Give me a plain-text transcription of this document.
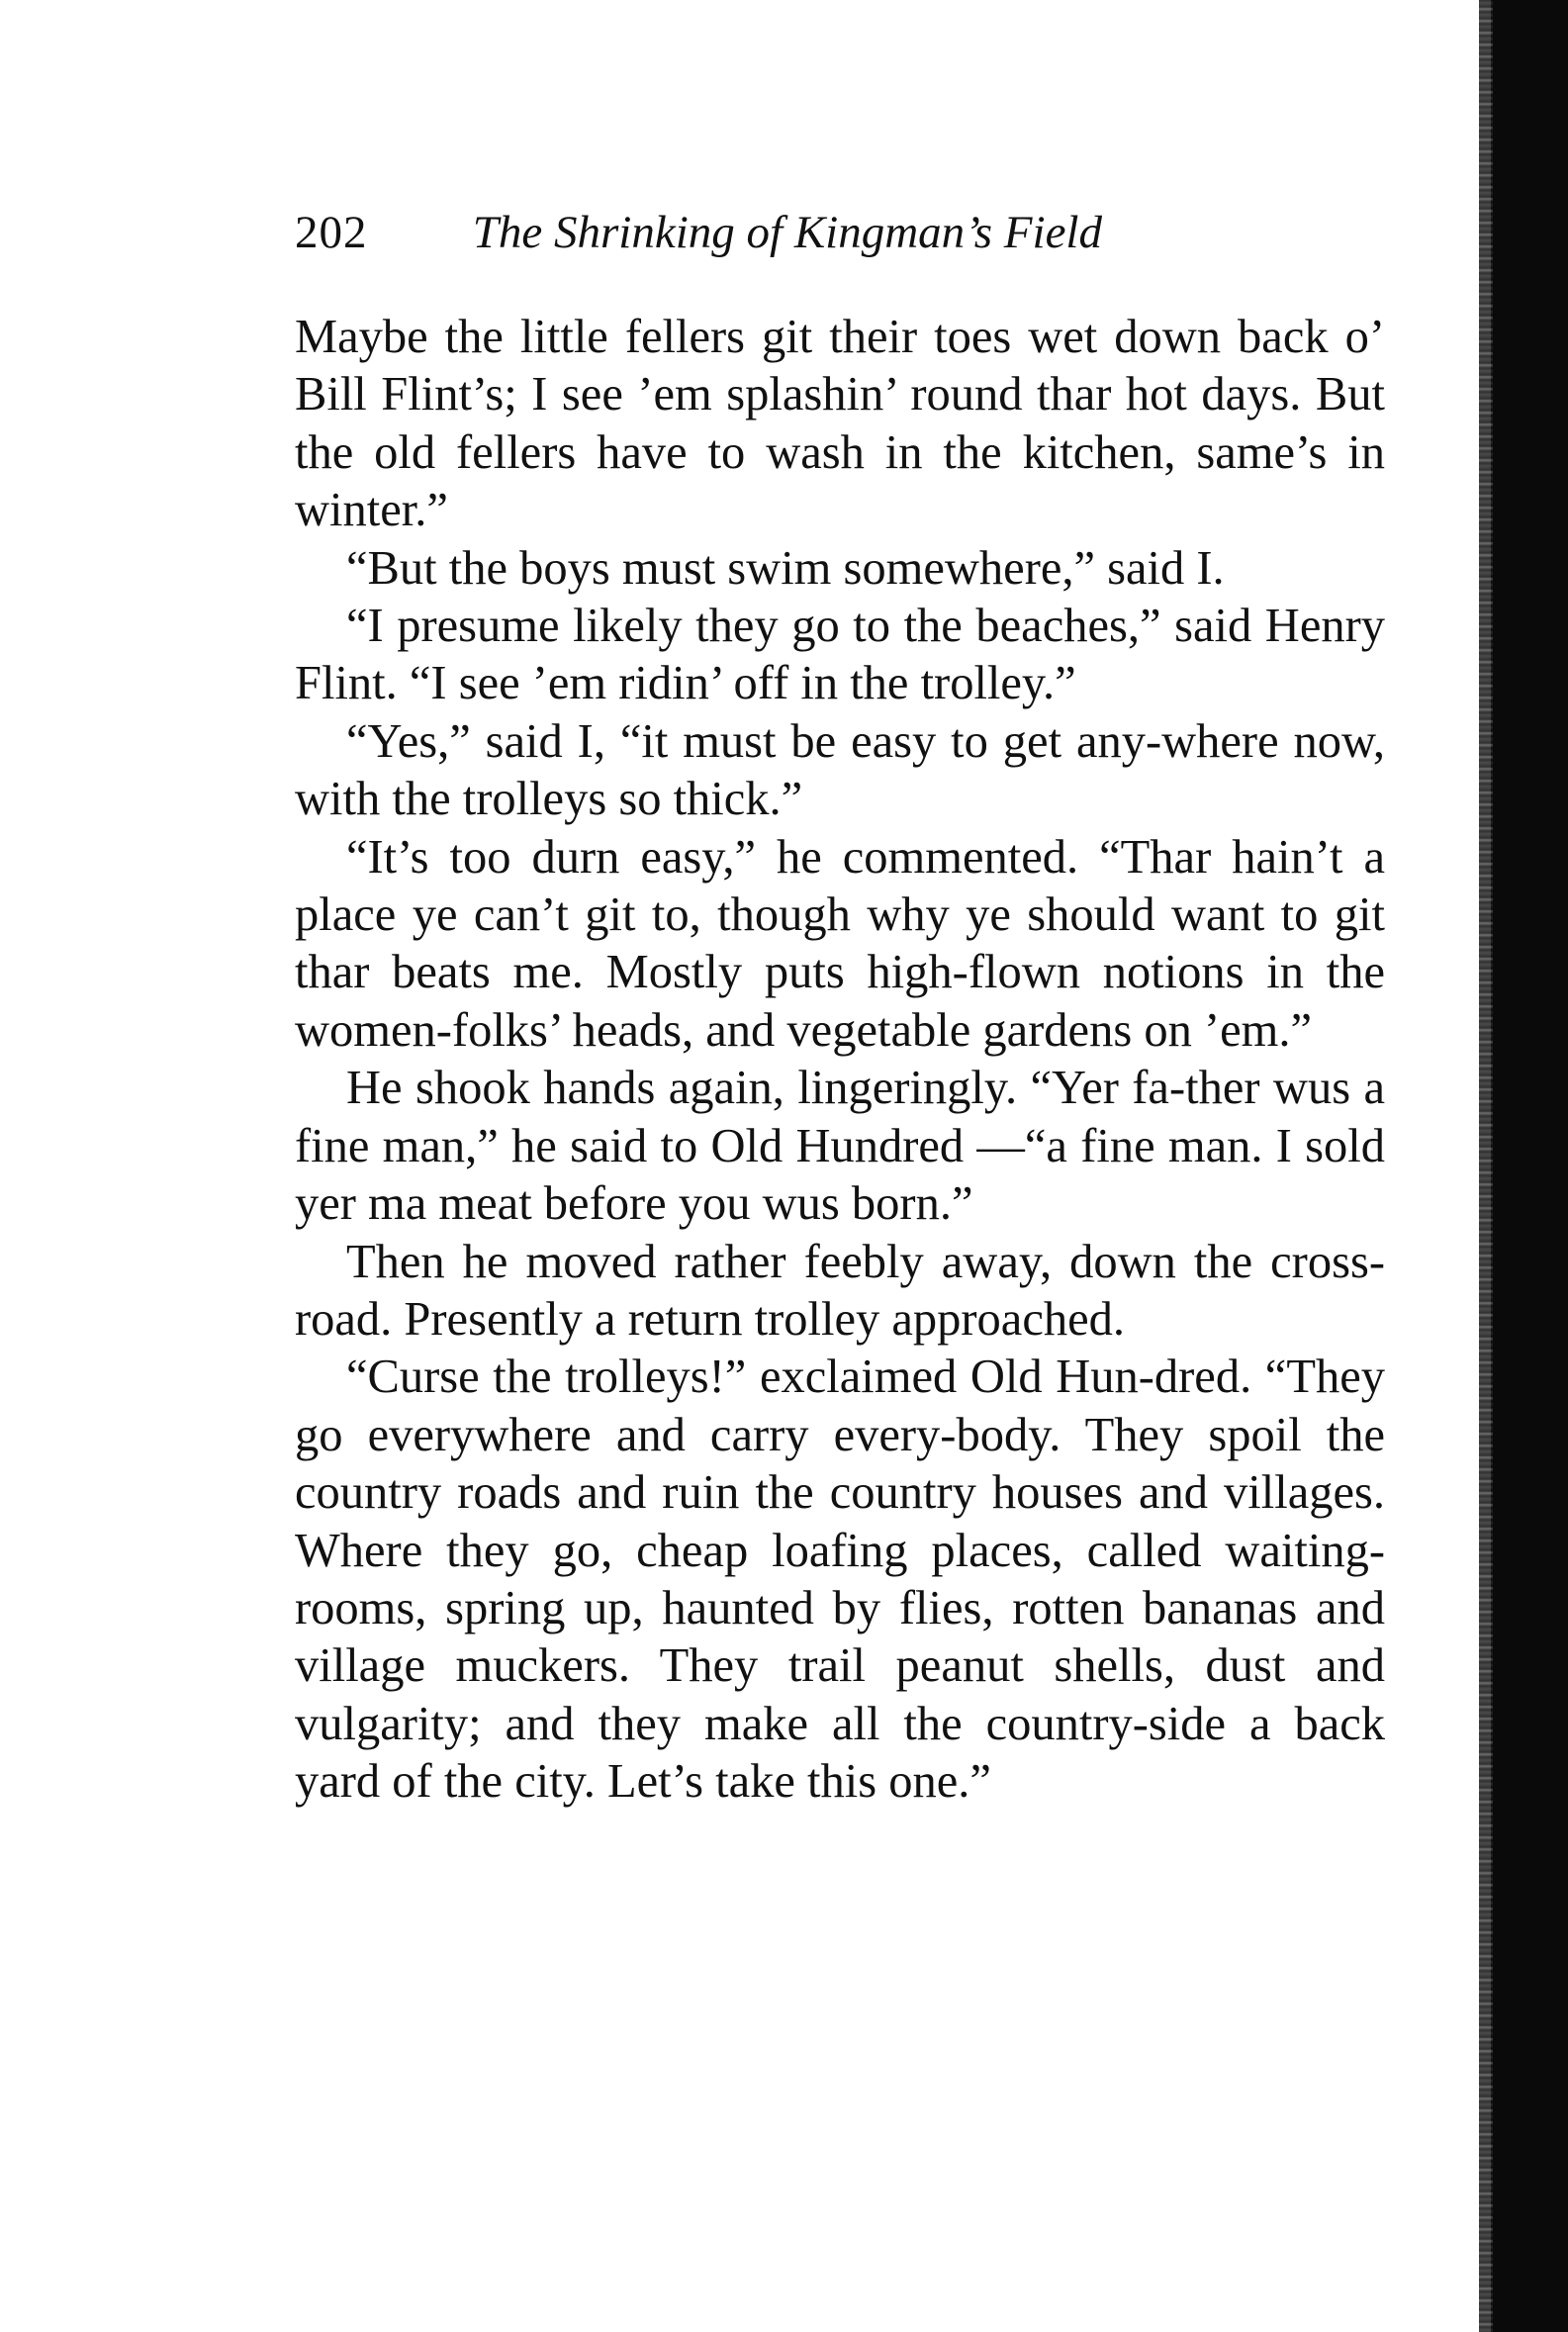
202 The Shrinking of Kingman’s Field

Maybe the little fellers git their toes wet down back o’ Bill Flint’s; I see ’em splashin’ round thar hot days. But the old fellers have to wash in the kitchen, same’s in winter.”

“But the boys must swim somewhere,” said I.

“I presume likely they go to the beaches,” said Henry Flint. “I see ’em ridin’ off in the trolley.”

“Yes,” said I, “it must be easy to get any-where now, with the trolleys so thick.”

“It’s too durn easy,” he commented. “Thar hain’t a place ye can’t git to, though why ye should want to git thar beats me. Mostly puts high-flown notions in the women-folks’ heads, and vegetable gardens on ’em.”

He shook hands again, lingeringly. “Yer fa-ther wus a fine man,” he said to Old Hundred —“a fine man. I sold yer ma meat before you wus born.”

Then he moved rather feebly away, down the cross-road. Presently a return trolley approached.

“Curse the trolleys!” exclaimed Old Hun-dred. “They go everywhere and carry every-body. They spoil the country roads and ruin the country houses and villages. Where they go, cheap loafing places, called waiting-rooms, spring up, haunted by flies, rotten bananas and village muckers. They trail peanut shells, dust and vulgarity; and they make all the country-side a back yard of the city. Let’s take this one.”
